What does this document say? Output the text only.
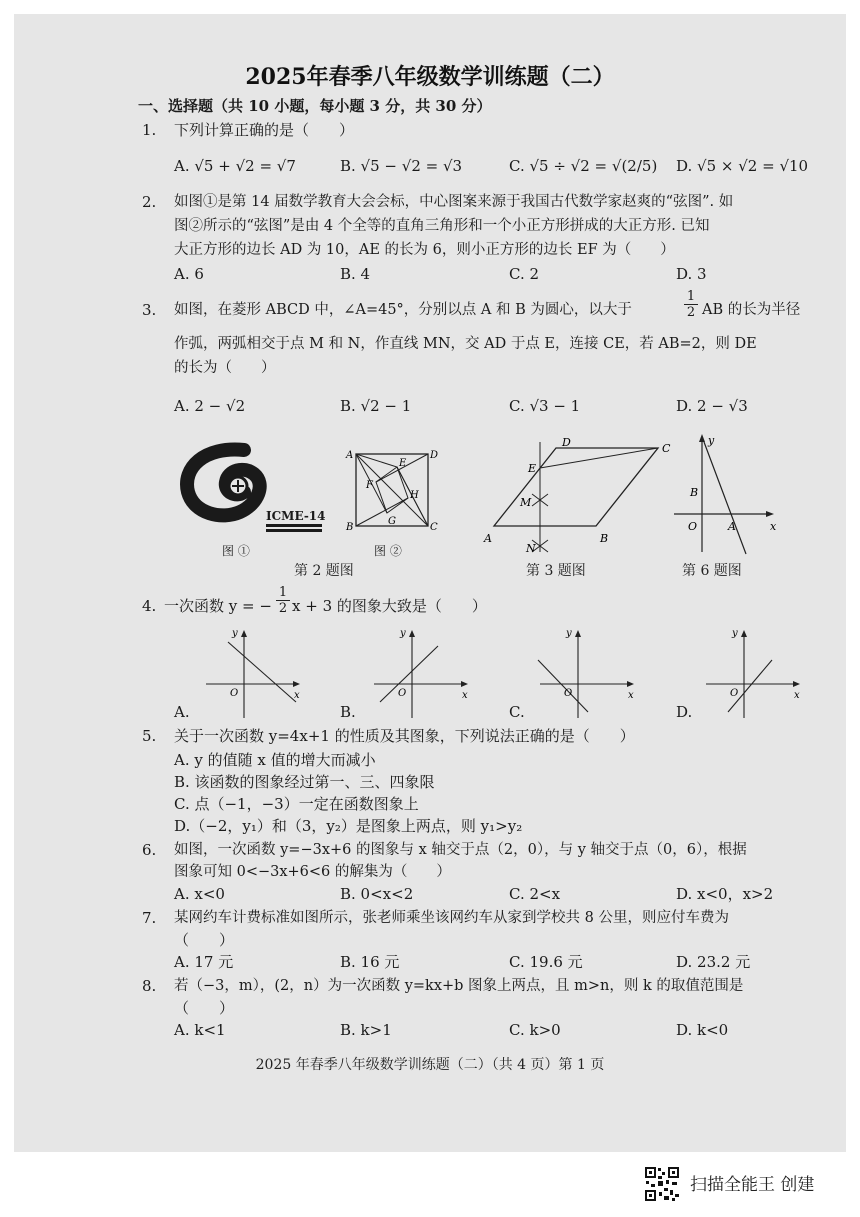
2025年春季八年级数学训练题（二）
一、选择题（共 10 小题，每小题 3 分，共 30 分）
1. 下列计算正确的是（　　）
A. √5 + √2 = √7	B. √5 − √2 = √3	C. √5 ÷ √2 = √(2/5) D. √5 × √2 = √10
2. 如图①是第 14 届数学教育大会会标，中心图案来源于我国古代数学家赵爽的“弦图”. 如
图②所示的“弦图”是由 4 个全等的直角三角形和一个小正方形拼成的大正方形. 已知
大正方形的边长 AD 为 10，AE 的长为 6，则小正方形的边长 EF 为（　　）
A. 6	B. 4	C. 2	D. 3
3. 如图，在菱形 ABCD 中，∠A=45°，分别以点 A 和 B 为圆心，以大于
1
2 AB 的长为半径
作弧，两弧相交于点 M 和 N，作直线 MN，交 AD 于点 E，连接 CE，若 AB=2，则 DE
的长为（　　）
A. 2 − √2	B. √2 − 1	C. √3 − 1	D. 2 − √3
ICME-14
图 ①
A	D
B	C
E
F
G
H
图 ②
第 2 题图
A	B
C
D
E
M
N
第 3 题图
y
x
O	A
B
第 6 题图
4. 一次函数 y = −
1
2 x + 3 的图象大致是（　　）
y
x
O
y
x
O
y
x
O
y
x
O
A.	B.	C.	D.
5. 关于一次函数 y=4x+1 的性质及其图象，下列说法正确的是（　　）
A. y 的值随 x 值的增大而减小
B. 该函数的图象经过第一、三、四象限
C. 点（−1，−3）一定在函数图象上
D.（−2，y₁）和（3，y₂）是图象上两点，则 y₁>y₂
6. 如图，一次函数 y=−3x+6 的图象与 x 轴交于点（2，0），与 y 轴交于点（0，6），根据
图象可知 0<−3x+6<6 的解集为（　　）
A. x<0	B. 0<x<2	C. 2<x	D. x<0，x>2
7. 某网约车计费标准如图所示，张老师乘坐该网约车从家到学校共 8 公里，则应付车费为
（　　）
A. 17 元	B. 16 元	C. 19.6 元	D. 23.2 元
8. 若（−3，m），(2，n）为一次函数 y=kx+b 图象上两点，且 m>n，则 k 的取值范围是
（　　）
A. k<1	B. k>1	C. k>0	D. k<0
2025 年春季八年级数学训练题（二）（共 4 页）第 1 页
扫描全能王 创建
